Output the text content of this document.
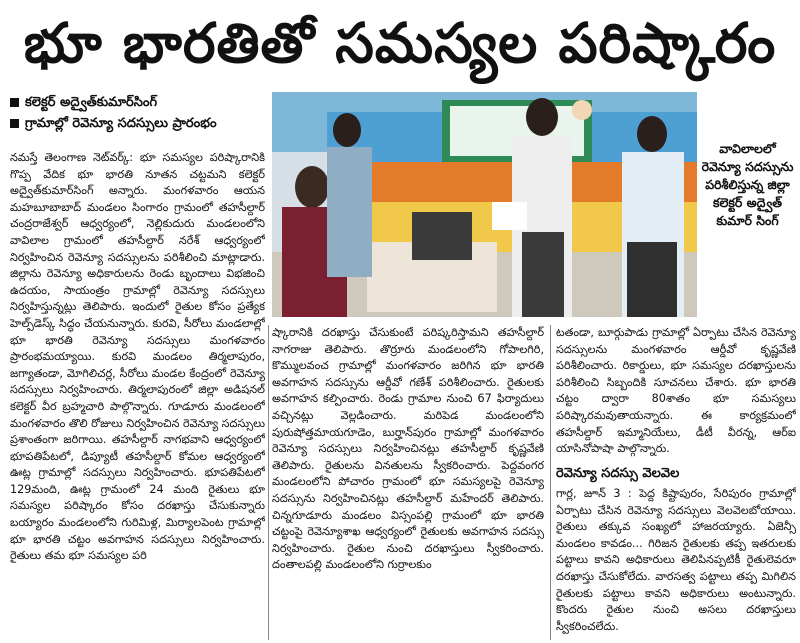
భూ భారతితో సమస్యల పరిష్కారం
కలెక్టర్ అద్వైత్‌కుమార్‌సింగ్
గ్రామాల్లో రెవెన్యూ సదస్సులు ప్రారంభం
వావిలాలలో రెవెన్యూ సదస్సును పరిశీలిస్తున్న జిల్లా కలెక్టర్ అద్వైత్ కుమార్ సింగ్

నమస్తే తెలంగాణ నెట్‌వర్క్: భూ సమస్యల పరిష్కారానికి గొప్ప వేదిక భూ భారతి నూతన చట్టమని కలెక్టర్ అద్వైత్‌కుమార్‌సింగ్ అన్నారు. మంగళవారం ఆయన మహబూబాబాద్ మండలం సింగారం గ్రామంలో తహసీల్దార్ చంద్రరాజేశ్వర్ ఆధ్వర్యంలో, నెల్లికుదురు మండలంలోని వావిలాల గ్రామంలో తహసీల్దార్ నరేశ్ ఆధ్వర్యంలో నిర్వహించిన రెవెన్యూ సదస్సులను పరిశీలించి మాట్లాడారు. జిల్లాను రెవెన్యూ అధికారులను రెండు బృందాలు విభజించి ఉదయం, సాయంత్రం గ్రామాల్లో రెవెన్యూ సదస్సులు నిర్వహిస్తున్నట్లు తెలిపారు. ఇందులో రైతుల కోసం ప్రత్యేక హెల్ప్‌డెస్క్ సిద్ధం చేయనున్నారు. కురవి, సీరోలు మండలాల్లో భూ భారతి రెవెన్యూ సదస్సులు మంగళవారం ప్రారంభమయ్యాయి. కురవి మండలం తిర్మలాపురం, జగ్యాతండా, మోగిలిచర్ల, సీరోలు మండల కేంద్రంలో రెవెన్యూ సదస్సులు నిర్వహించారు. తిర్మలాపురంలో జిల్లా అడిషనల్ కలెక్టర్ వీర బ్రహ్మచారి పాల్గొన్నారు. గూడూరు మండలంలో మంగళవారం తొలి రోజులు నిర్వహించిన రెవెన్యూ సదస్సులు ప్రశాంతంగా జరిగాయి. తహసీల్దార్ నాగభవాని ఆధ్వర్యంలో భూపతిపేటలో, డిప్యూటీ తహసీల్దార్ కోమల ఆధ్వర్యంలో ఊట్ల గ్రామాల్లో సదస్సులు నిర్వహించారు. భూపతిపేటలో 129మంది, ఊట్ల గ్రామంలో 24 మంది రైతులు భూ సమస్యల పరిష్కారం కోసం దరఖాస్తు చేసుకున్నారు బయ్యారం మండలంలోని గురిమిళ్ల, మిర్యాలపెంట గ్రామాల్లో భూ భారతి చట్టం అవగాహన సదస్సులు నిర్వహించారు. రైతులు తమ భూ సమస్యల పరి

ష్కారానికి దరఖాస్తు చేసుకుంటే పరిష్కరిస్తామని తహసీల్దార్ నాగరాజు తెలిపారు. తొర్రూరు మండలంలోని గోపాలగిరి, కొమ్ములవంచ గ్రామాల్లో మంగళవారం జరిగిన భూ భారతి అవగాహన సదస్సును ఆర్డీవో గణేశ్ పరిశీలించారు. రైతులకు అవగాహన కల్పించారు. రెండు గ్రామాల నుంచి 67 ఫిర్యాదులు వచ్చినట్లు వెల్లడించారు. మరిపెడ మండలంలోని పురుషోత్తమాయగూడెం, బుర్హాన్‌పురం గ్రామాల్లో మంగళవారం రెవెన్యూ సదస్సులు నిర్వహించినట్లు తహసీల్దార్ కృష్ణవేణి తెలిపారు. రైతులను వినతులను స్వీకరించారు. పెద్దవంగర మండలంలోని పోచారం గ్రామంలో భూ సమస్యలపై రెవెన్యూ సదస్సును నిర్వహించినట్లు తహసీల్దార్ మహేందర్ తెలిపారు. చిన్నగూడూరు మండలం విస్సంపల్లి గ్రామంలో భూ భారతి చట్టంపై రెవెన్యూశాఖ ఆధ్వర్యంలో రైతులకు అవగాహన సదస్సు నిర్వహించారు. రైతుల నుంచి దరఖాస్తులు స్వీకరించారు. దంతాలపల్లి మండలంలోని గుర్రాలకుం

టతండా, బూర్గుపాడు గ్రామాల్లో ఏర్పాటు చేసిన రెవెన్యూ సదస్సులను మంగళవారం ఆర్డీవో కృష్ణవేణి పరిశీలించారు. రికార్డులు, భూ సమస్యల దరఖాస్తులను పరిశీలించి సిబ్బందికి సూచనలు చేశారు. భూ భారతి చట్టం ద్వారా 80శాతం భూ సమస్యలు పరిష్కారమవుతాయన్నారు. ఈ కార్యక్రమంలో తహసీల్దార్ ఇమ్మానియేలు, డీటీ వీరన్న, ఆర్‌ఐ యాసినోపాషా పాల్గొన్నారు.

రెవెన్యూ సదస్సు వెలవెల

గార్ల, జూన్ 3 : పెద్ద కిష్టాపురం, సేరిపురం గ్రామాల్లో ఏర్పాటు చేసిన రెవెన్యూ సదస్సులు వెలవెలబోయాయి. రైతులు తక్కువ సంఖ్యలో హాజరయ్యారు. ఏజెన్సీ మండలం కావడం... గిరిజన రైతులకు తప్ప ఇతరులకు పట్టాలు కావని అధికారులు తెలిపినప్పటికీ రైతులెవరూ దరఖాస్తు చేసుకోలేదు. వారసత్వ పట్టాలు తప్ప మిగిలిన రైతులకు పట్టాలు కావని అధికారులు అంటున్నారు. కొందరు రైతుల నుంచి అసలు దరఖాస్తులు స్వీకరించలేదు.
